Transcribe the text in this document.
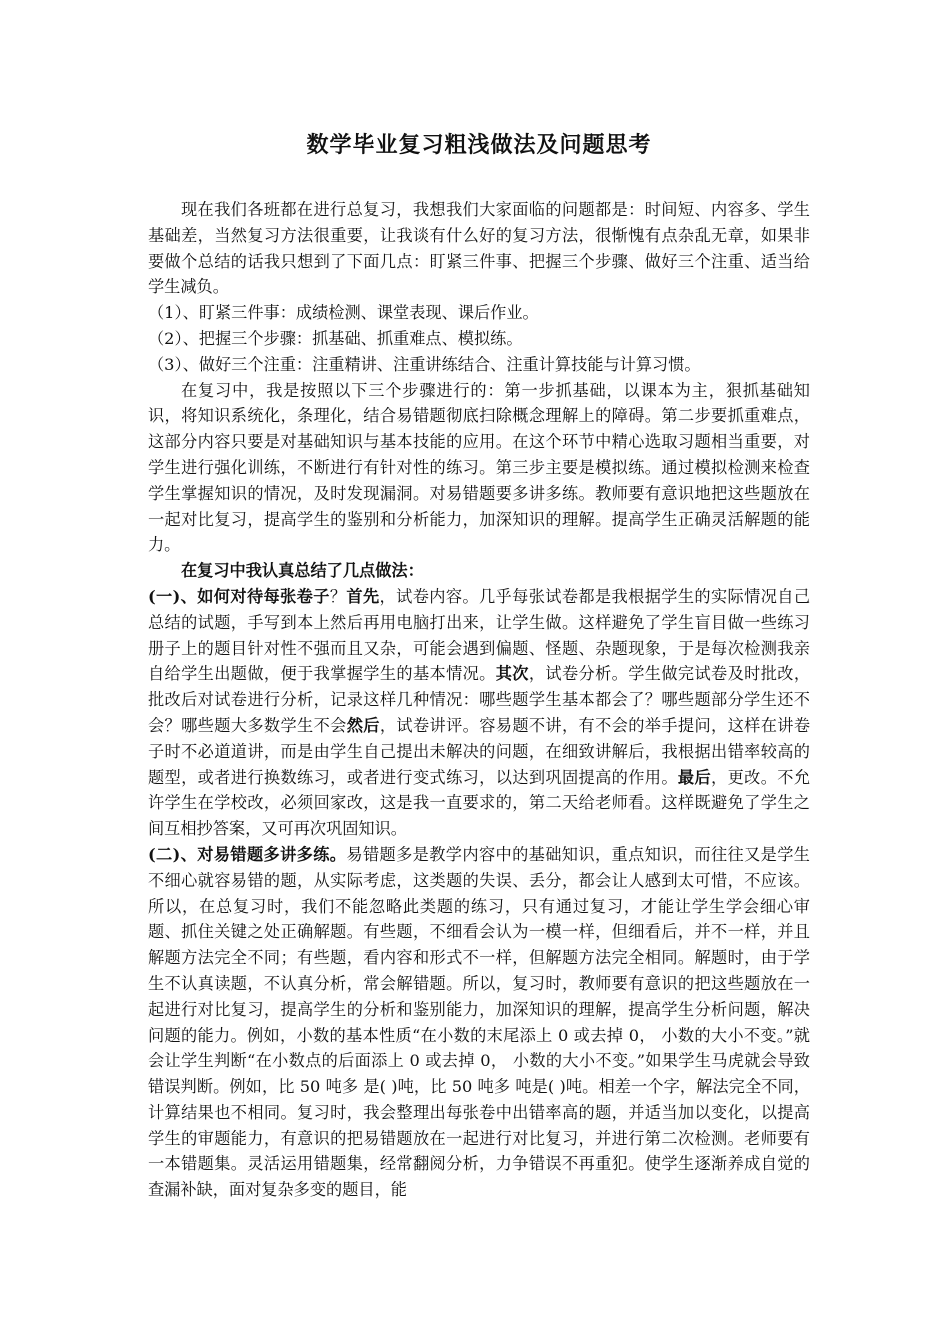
数学毕业复习粗浅做法及问题思考

现在我们各班都在进行总复习，我想我们大家面临的问题都是：时间短、内容多、学生基础差，当然复习方法很重要，让我谈有什么好的复习方法，很惭愧有点杂乱无章，如果非要做个总结的话我只想到了下面几点：盯紧三件事、把握三个步骤、做好三个注重、适当给学生减负。

（1）、盯紧三件事：成绩检测、课堂表现、课后作业。

（2）、把握三个步骤：抓基础、抓重难点、模拟练。

（3）、做好三个注重：注重精讲、注重讲练结合、注重计算技能与计算习惯。

在复习中，我是按照以下三个步骤进行的：第一步抓基础，以课本为主，狠抓基础知识，将知识系统化，条理化，结合易错题彻底扫除概念理解上的障碍。第二步要抓重难点，这部分内容只要是对基础知识与基本技能的应用。在这个环节中精心选取习题相当重要，对学生进行强化训练，不断进行有针对性的练习。第三步主要是模拟练。通过模拟检测来检查学生掌握知识的情况，及时发现漏洞。对易错题要多讲多练。教师要有意识地把这些题放在一起对比复习，提高学生的鉴别和分析能力，加深知识的理解。提高学生正确灵活解题的能力。

在复习中我认真总结了几点做法：

(一)、如何对待每张卷子？首先，试卷内容。几乎每张试卷都是我根据学生的实际情况自己总结的试题，手写到本上然后再用电脑打出来，让学生做。这样避免了学生盲目做一些练习册子上的题目针对性不强而且又杂，可能会遇到偏题、怪题、杂题现象，于是每次检测我亲自给学生出题做，便于我掌握学生的基本情况。其次，试卷分析。学生做完试卷及时批改，批改后对试卷进行分析，记录这样几种情况：哪些题学生基本都会了？哪些题部分学生还不会？哪些题大多数学生不会然后，试卷讲评。容易题不讲，有不会的举手提问，这样在讲卷子时不必道道讲，而是由学生自己提出未解决的问题，在细致讲解后，我根据出错率较高的题型，或者进行换数练习，或者进行变式练习，以达到巩固提高的作用。最后，更改。不允许学生在学校改，必须回家改，这是我一直要求的，第二天给老师看。这样既避免了学生之间互相抄答案，又可再次巩固知识。

(二)、对易错题多讲多练。易错题多是教学内容中的基础知识，重点知识，而往往又是学生不细心就容易错的题，从实际考虑，这类题的失误、丢分，都会让人感到太可惜，不应该。所以，在总复习时，我们不能忽略此类题的练习，只有通过复习，才能让学生学会细心审题、抓住关键之处正确解题。有些题，不细看会认为一模一样，但细看后，并不一样，并且解题方法完全不同；有些题，看内容和形式不一样，但解题方法完全相同。解题时，由于学生不认真读题，不认真分析，常会解错题。所以，复习时，教师要有意识的把这些题放在一起进行对比复习，提高学生的分析和鉴别能力，加深知识的理解，提高学生分析问题，解决问题的能力。例如，小数的基本性质“在小数的末尾添上 0 或去掉 0， 小数的大小不变。”就会让学生判断“在小数点的后面添上 0 或去掉 0， 小数的大小不变。”如果学生马虎就会导致错误判断。例如，比 50 吨多 是( )吨，比 50 吨多 吨是( )吨。相差一个字，解法完全不同，计算结果也不相同。复习时，我会整理出每张卷中出错率高的题，并适当加以变化，以提高学生的审题能力，有意识的把易错题放在一起进行对比复习，并进行第二次检测。老师要有一本错题集。灵活运用错题集，经常翻阅分析，力争错误不再重犯。使学生逐渐养成自觉的查漏补缺，面对复杂多变的题目，能
